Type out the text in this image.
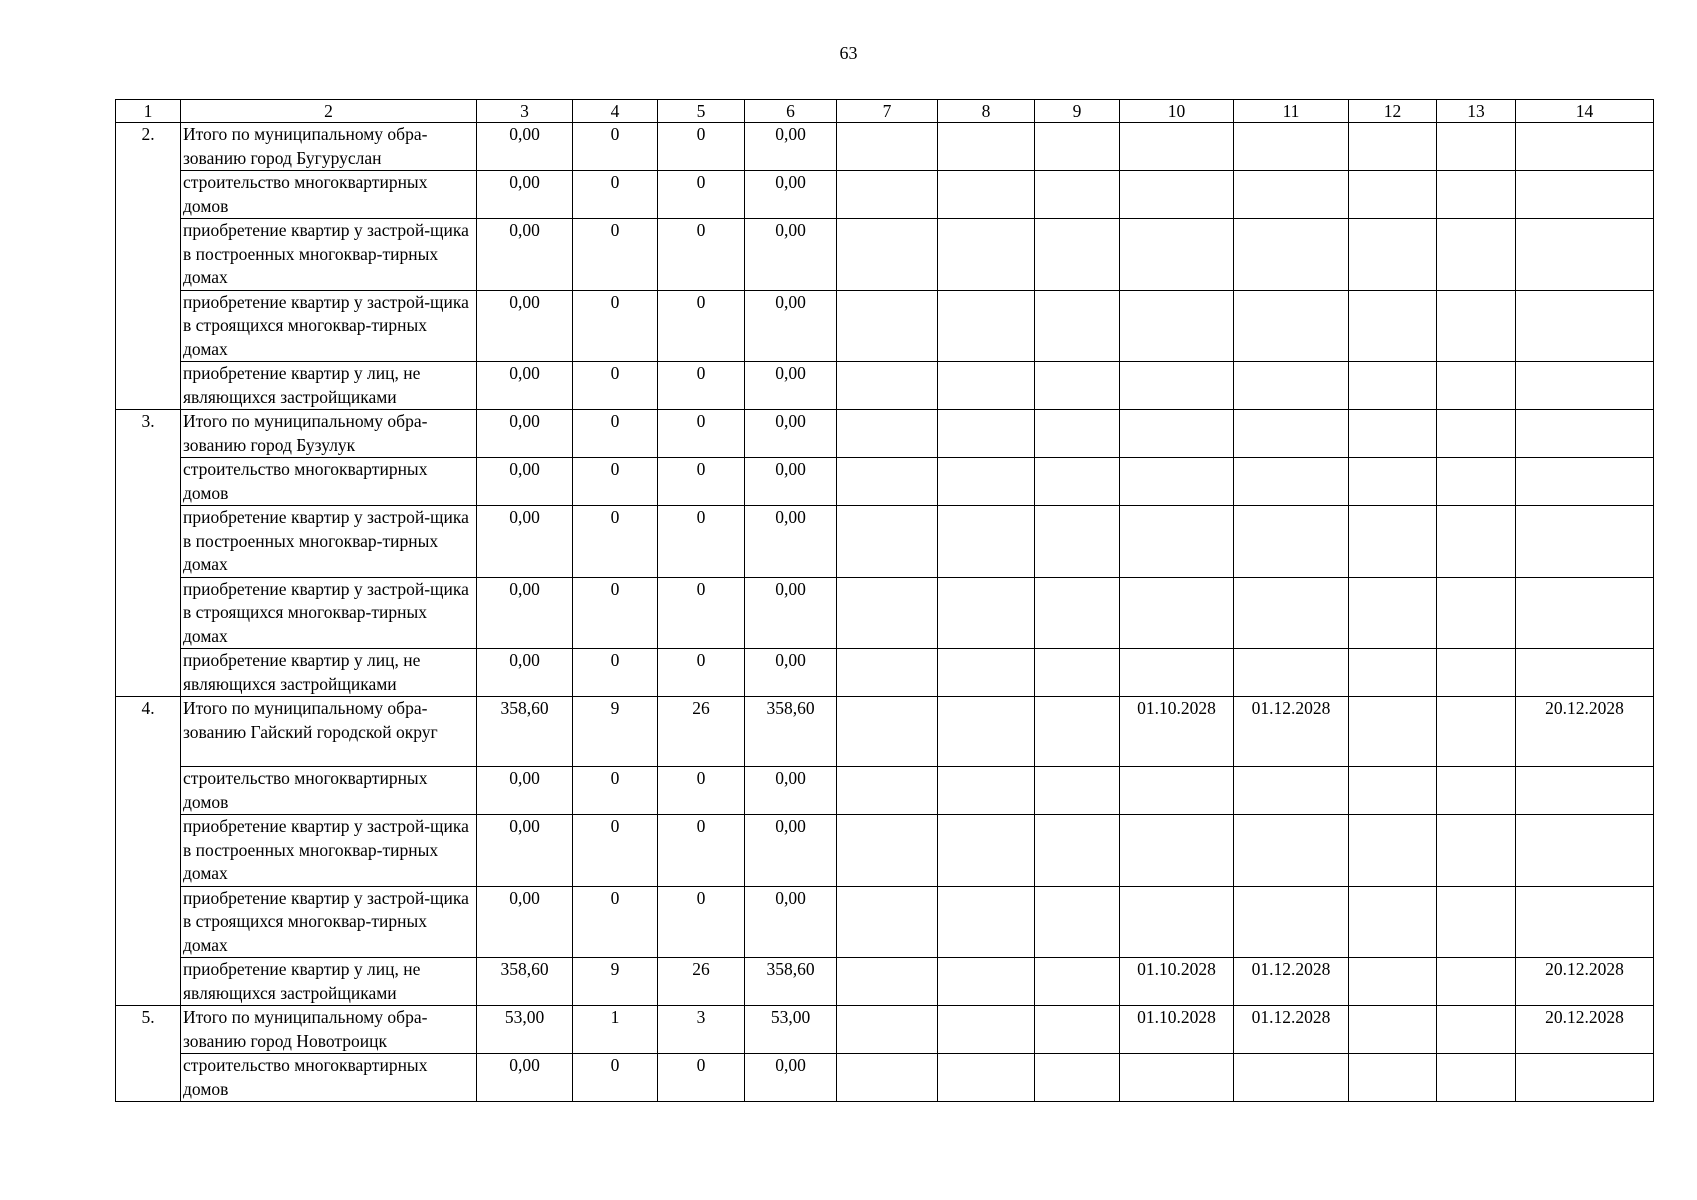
63
1	2	3	4	5	6	7	8	9	10	11	12	13	14
2.	Итого по муниципальному обра-зованию город Бугуруслан	0,00	0	0	0,00								
	строительство многоквартирных домов	0,00	0	0	0,00								
	приобретение квартир у застрой-щика в построенных многоквар-тирных домах	0,00	0	0	0,00								
	приобретение квартир у застрой-щика в строящихся многоквар-тирных домах	0,00	0	0	0,00								
	приобретение квартир у лиц, не являющихся застройщиками	0,00	0	0	0,00								
3.	Итого по муниципальному обра-зованию город Бузулук	0,00	0	0	0,00								
	строительство многоквартирных домов	0,00	0	0	0,00								
	приобретение квартир у застрой-щика в построенных многоквар-тирных домах	0,00	0	0	0,00								
	приобретение квартир у застрой-щика в строящихся многоквар-тирных домах	0,00	0	0	0,00								
	приобретение квартир у лиц, не являющихся застройщиками	0,00	0	0	0,00								
4.	Итого по муниципальному обра-зованию Гайский городской округ	358,60	9	26	358,60				01.10.2028	01.12.2028			20.12.2028
	строительство многоквартирных домов	0,00	0	0	0,00								
	приобретение квартир у застрой-щика в построенных многоквар-тирных домах	0,00	0	0	0,00								
	приобретение квартир у застрой-щика в строящихся многоквар-тирных домах	0,00	0	0	0,00								
	приобретение квартир у лиц, не являющихся застройщиками	358,60	9	26	358,60				01.10.2028	01.12.2028			20.12.2028
5.	Итого по муниципальному обра-зованию город Новотроицк	53,00	1	3	53,00				01.10.2028	01.12.2028			20.12.2028
	строительство многоквартирных домов	0,00	0	0	0,00								
